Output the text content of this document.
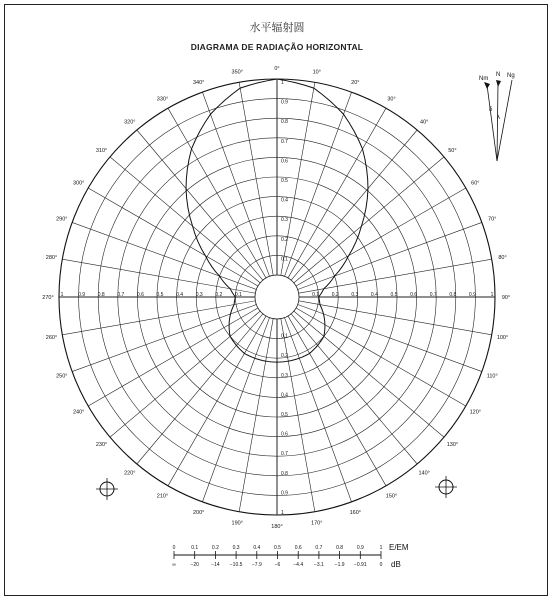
水平辐射圆
DIAGRAMA DE RADIAÇÃO HORIZONTAL
0°
10°
20°
30°
40°
50°
60°
70°
80°
90°
100°
110°
120°
130°
140°
150°
160°
170°
180°
190°
200°
210°
220°
230°
240°
250°
260°
270°
280°
290°
300°
310°
320°
330°
340°
350°
0.1
0.1
0.1
0.1
0.2
0.2
0.2
0.2
0.3
0.3
0.3
0.3
0.4
0.4
0.4
0.4
0.5
0.5
0.5
0.5
0.6
0.6
0.6
0.6
0.7
0.7
0.7
0.7
0.8
0.8
0.8
0.8
0.9
0.9
0.9
0.9
1
1
1
1
Nm
N Ng
δ
λ
0	0.1	0.2	0.3	0.4	0.5	0.6	0.7	0.8	0.9	1
∞	−20 −14 −10.5 −7.9	−6	−4.4 −3.1 −1.9 −0.91	0
E/EM
dB
